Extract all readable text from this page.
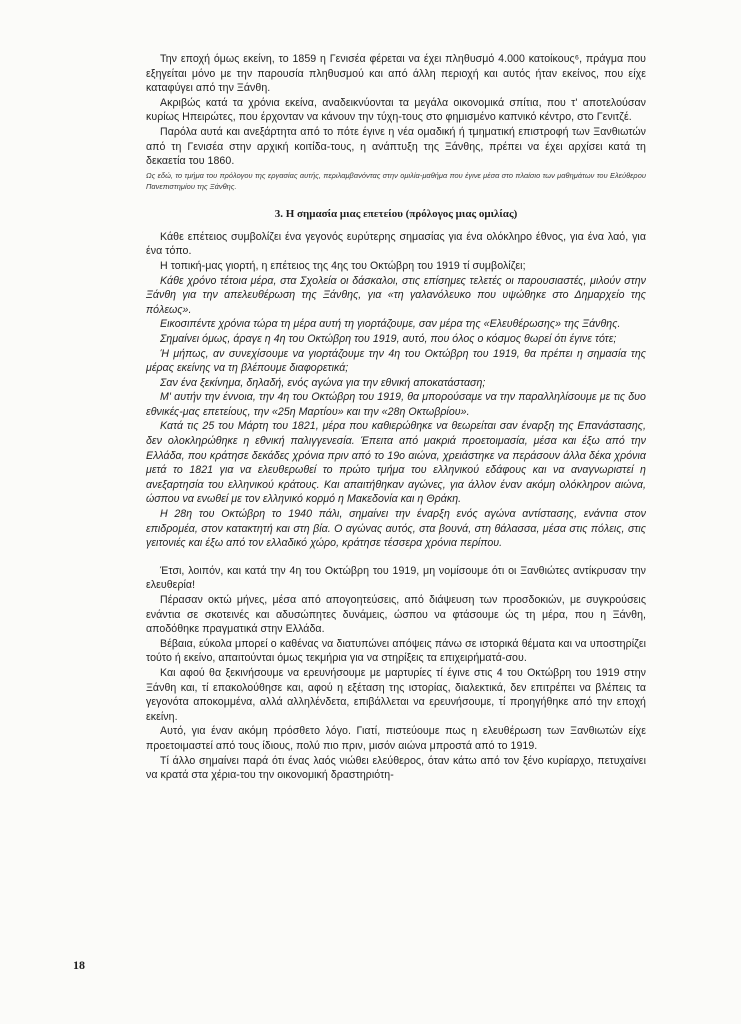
Την εποχή όμως εκείνη, το 1859 η Γενισέα φέρεται να έχει πληθυσμό 4.000 κατοίκους⁶, πράγμα που εξηγείται μόνο με την παρουσία πληθυσμού και από άλλη περιοχή και αυτός ήταν εκείνος, που είχε καταφύγει από την Ξάνθη.

Ακριβώς κατά τα χρόνια εκείνα, αναδεικνύονται τα μεγάλα οικονομικά σπίτια, που τ' αποτελούσαν κυρίως Ηπειρώτες, που έρχονταν να κάνουν την τύχη-τους στο φημισμένο καπνικό κέντρο, στο Γενιτζέ.

Παρόλα αυτά και ανεξάρτητα από το πότε έγινε η νέα ομαδική ή τμηματική επιστροφή των Ξανθιωτών από τη Γενισέα στην αρχική κοιτίδα-τους, η ανάπτυξη της Ξάνθης, πρέπει να έχει αρχίσει κατά τη δεκαετία του 1860.

Ως εδώ, το τμήμα του πρόλογου της εργασίας αυτής, περιλαμβανόντας στην ομιλία-μαθήμα που έγινε μέσα στο πλαίσιο των μαθημάτων του Ελεύθερου Πανεπιστημίου της Ξάνθης.

3. Η σημασία μιας επετείου (πρόλογος μιας ομιλίας)

Κάθε επέτειος συμβολίζει ένα γεγονός ευρύτερης σημασίας για ένα ολόκληρο έθνος, για ένα λαό, για ένα τόπο.

Η τοπική-μας γιορτή, η επέτειος της 4ης του Οκτώβρη του 1919 τί συμβολίζει;

Κάθε χρόνο τέτοια μέρα, στα Σχολεία οι δάσκαλοι, στις επίσημες τελετές οι παρουσιαστές, μιλούν στην Ξάνθη για την απελευθέρωση της Ξάνθης, για «τη γαλανόλευκο που υψώθηκε στο Δημαρχείο της πόλεως».

Εικοσιπέντε χρόνια τώρα τη μέρα αυτή τη γιορτάζουμε, σαν μέρα της «Ελευθέρωσης» της Ξάνθης.

Σημαίνει όμως, άραγε η 4η του Οκτώβρη του 1919, αυτό, που όλος ο κόσμος θωρεί ότι έγινε τότε;

Ή μήπως, αν συνεχίσουμε να γιορτάζουμε την 4η του Οκτώβρη του 1919, θα πρέπει η σημασία της μέρας εκείνης να τη βλέπουμε διαφορετικά;

Σαν ένα ξεκίνημα, δηλαδή, ενός αγώνα για την εθνική αποκατάσταση;

Μ' αυτήν την έννοια, την 4η του Οκτώβρη του 1919, θα μπορούσαμε να την παραλληλίσουμε με τις δυο εθνικές-μας επετείους, την «25η Μαρτίου» και την «28η Οκτωβρίου».

Κατά τις 25 του Μάρτη του 1821, μέρα που καθιερώθηκε να θεωρείται σαν έναρξη της Επανάστασης, δεν ολοκληρώθηκε η εθνική παλιγγενεσία. Έπειτα από μακριά προετοιμασία, μέσα και έξω από την Ελλάδα, που κράτησε δεκάδες χρόνια πριν από το 19ο αιώνα, χρειάστηκε να περάσουν άλλα δέκα χρόνια μετά το 1821 για να ελευθερωθεί το πρώτο τμήμα του ελληνικού εδάφους και να αναγνωριστεί η ανεξαρτησία του ελληνικού κράτους. Και απαιτήθηκαν αγώνες, για άλλον έναν ακόμη ολόκληρον αιώνα, ώσπου να ενωθεί με τον ελληνικό κορμό η Μακεδονία και η Θράκη.

Η 28η του Οκτώβρη το 1940 πάλι, σημαίνει την έναρξη ενός αγώνα αντίστασης, ενάντια στον επιδρομέα, στον κατακτητή και στη βία. Ο αγώνας αυτός, στα βουνά, στη θάλασσα, μέσα στις πόλεις, στις γειτονιές και έξω από τον ελλαδικό χώρο, κράτησε τέσσερα χρόνια περίπου.

Έτσι, λοιπόν, και κατά την 4η του Οκτώβρη του 1919, μη νομίσουμε ότι οι Ξανθιώτες αντίκρυσαν την ελευθερία!

Πέρασαν οκτώ μήνες, μέσα από απογοητεύσεις, από διάψευση των προσδοκιών, με συγκρούσεις ενάντια σε σκοτεινές και αδυσώπητες δυνάμεις, ώσπου να φτάσουμε ώς τη μέρα, που η Ξάνθη, αποδόθηκε πραγματικά στην Ελλάδα.

Βέβαια, εύκολα μπορεί ο καθένας να διατυπώνει απόψεις πάνω σε ιστορικά θέματα και να υποστηρίζει τούτο ή εκείνο, απαιτούνται όμως τεκμήρια για να στηρίξεις τα επιχειρήματά-σου.

Και αφού θα ξεκινήσουμε να ερευνήσουμε με μαρτυρίες τί έγινε στις 4 του Οκτώβρη του 1919 στην Ξάνθη και, τί επακολούθησε και, αφού η εξέταση της ιστορίας, διαλεκτικά, δεν επιτρέπει να βλέπεις τα γεγονότα αποκομμένα, αλλά αλληλένδετα, επιβάλλεται να ερευνήσουμε, τί προηγήθηκε από την εποχή εκείνη.

Αυτό, για έναν ακόμη πρόσθετο λόγο. Γιατί, πιστεύουμε πως η ελευθέρωση των Ξανθιωτών είχε προετοιμαστεί από τους ίδιους, πολύ πιο πριν, μισόν αιώνα μπροστά από το 1919.

Τί άλλο σημαίνει παρά ότι ένας λαός νιώθει ελεύθερος, όταν κάτω από τον ξένο κυρίαρχο, πετυχαίνει να κρατά στα χέρια-του την οικονομική δραστηριότη-

18
